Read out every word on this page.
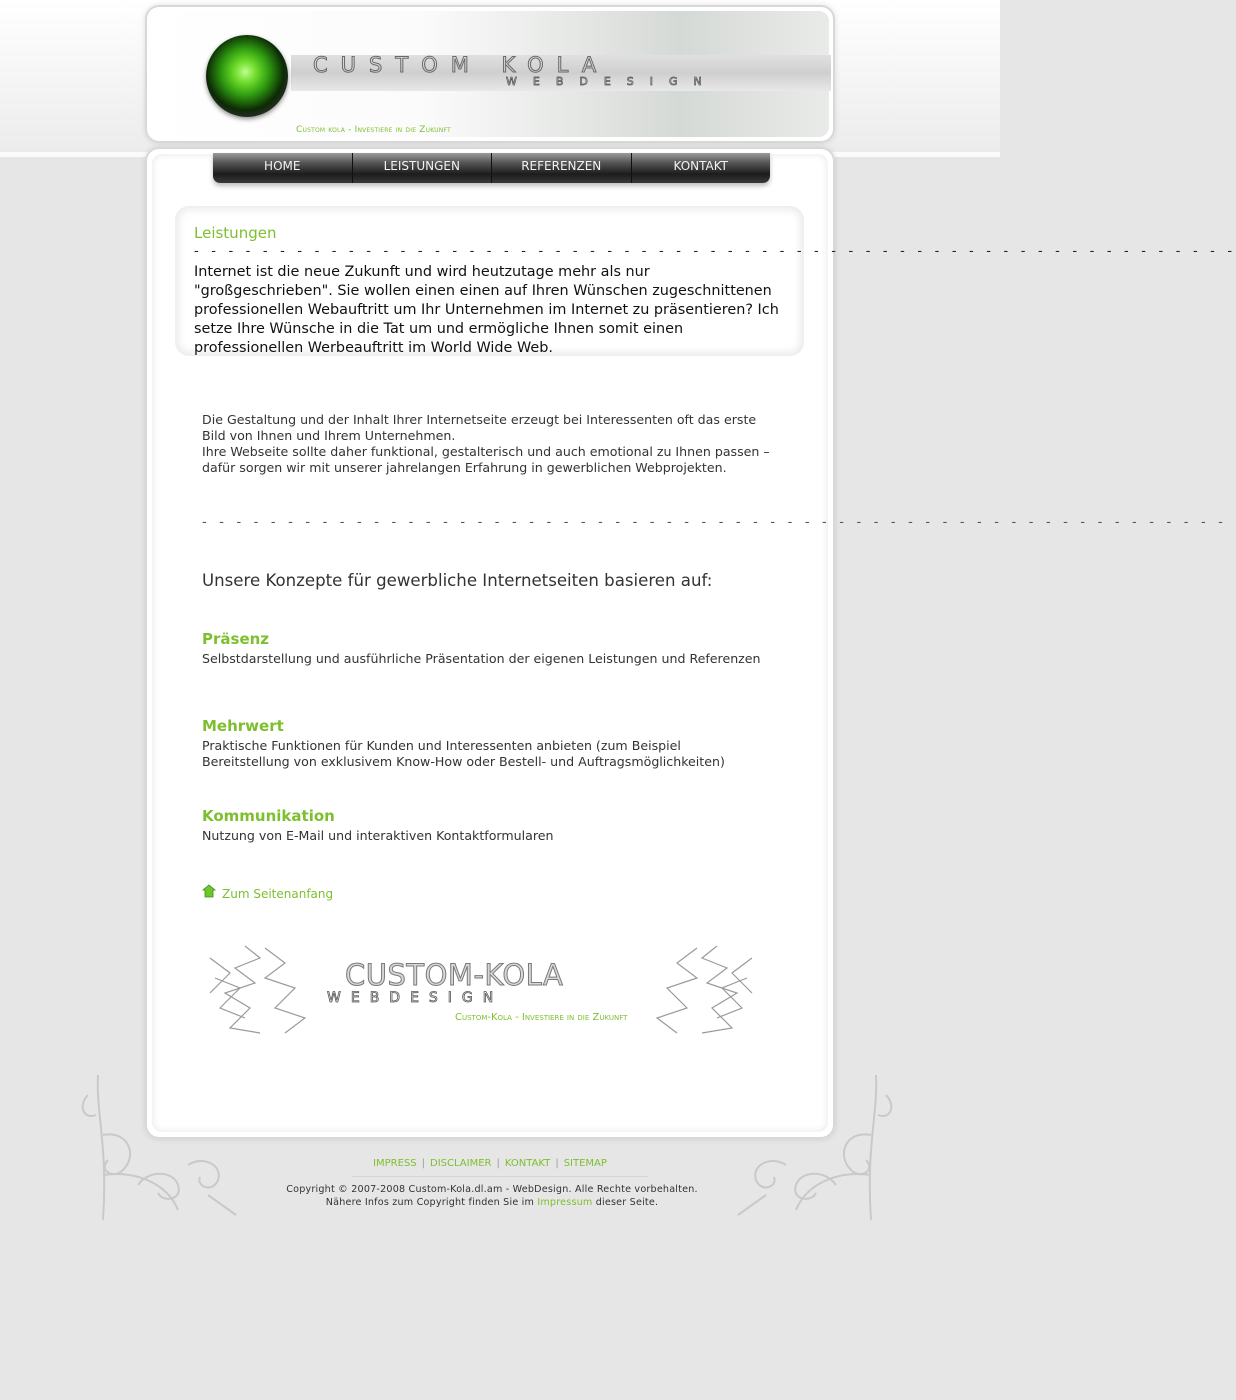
CUSTOM KOLA
WEBDESIGN
Custom kola - Investiere in die Zukunft
HOME	LEISTUNGEN	REFERENZEN	KONTAKT
Leistungen
- - - - - - - - - - - - - - - - - - - - - - - - - - - - - - - - - - - - - - - - - - - - - - - - - - - - - - - - - - - - -
Internet ist die neue Zukunft und wird heutzutage mehr als nur "großgeschrieben". Sie wollen einen einen auf Ihren Wünschen zugeschnittenen professionellen Webauftritt um Ihr Unternehmen im Internet zu präsentieren? Ich setze Ihre Wünsche in die Tat um und ermögliche Ihnen somit einen professionellen Werbeauftritt im World Wide Web.
Die Gestaltung und der Inhalt Ihrer Internetseite erzeugt bei Interessenten oft das erste Bild von Ihnen und Ihrem Unternehmen.
Ihre Webseite sollte daher funktional, gestalterisch und auch emotional zu Ihnen passen – dafür sorgen wir mit unserer jahrelangen Erfahrung in gewerblichen Webprojekten.
- - - - - - - - - - - - - - - - - - - - - - - - - - - - - - - - - - - - - - - - - - - - - - - - - - - - - - - - - - - -
Unsere Konzepte für gewerbliche Internetseiten basieren auf:
Präsenz
Selbstdarstellung und ausführliche Präsentation der eigenen Leistungen und Referenzen
Mehrwert
Praktische Funktionen für Kunden und Interessenten anbieten (zum Beispiel Bereitstellung von exklusivem Know-How oder Bestell- und Auftragsmöglichkeiten)
Kommunikation
Nutzung von E-Mail und interaktiven Kontaktformularen
Zum Seitenanfang
CUSTOM-KOLA
WEBDESIGN
Custom-Kola - Investiere in die Zukunft
IMPRESS | DISCLAIMER | KONTAKT | SITEMAP
Copyright © 2007-2008 Custom-Kola.dl.am - WebDesign. Alle Rechte vorbehalten.
Nähere Infos zum Copyright finden Sie im Impressum dieser Seite.
